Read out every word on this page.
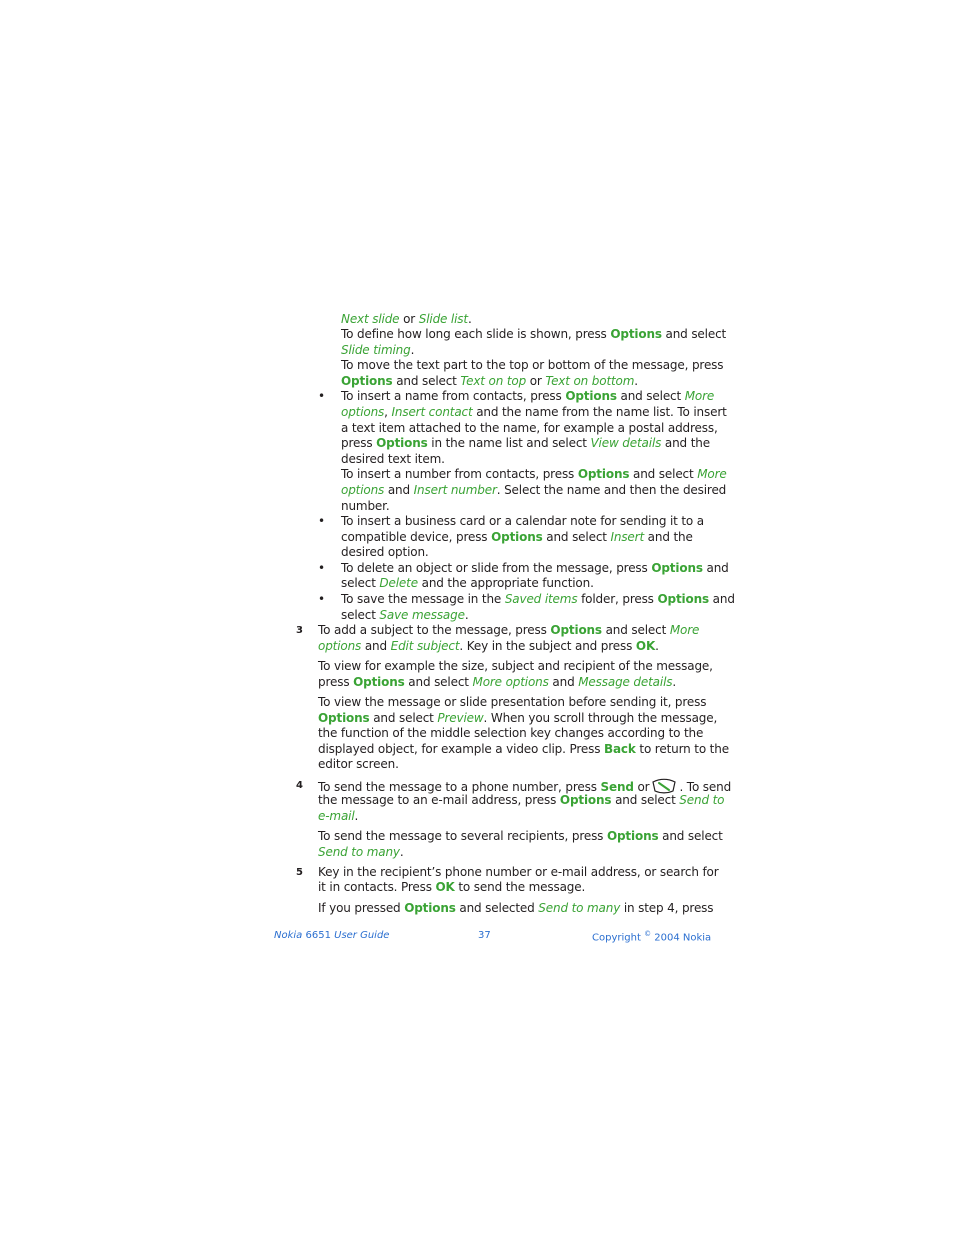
Next slide or Slide list.
To define how long each slide is shown, press Options and select
Slide timing.
To move the text part to the top or bottom of the message, press
Options and select Text on top or Text on bottom.
• To insert a name from contacts, press Options and select More
options, Insert contact and the name from the name list. To insert
a text item attached to the name, for example a postal address,
press Options in the name list and select View details and the
desired text item.
To insert a number from contacts, press Options and select More
options and Insert number. Select the name and then the desired
number.
• To insert a business card or a calendar note for sending it to a
compatible device, press Options and select Insert and the
desired option.
• To delete an object or slide from the message, press Options and
select Delete and the appropriate function.
• To save the message in the Saved items folder, press Options and
select Save message.
3 To add a subject to the message, press Options and select More
options and Edit subject. Key in the subject and press OK.
To view for example the size, subject and recipient of the message,
press Options and select More options and Message details.
To view the message or slide presentation before sending it, press
Options and select Preview. When you scroll through the message,
the function of the middle selection key changes according to the
displayed object, for example a video clip. Press Back to return to the
editor screen.
4 To send the message to a phone number, press Send or	. To send
the message to an e-mail address, press Options and select Send to
e-mail.
To send the message to several recipients, press Options and select
Send to many.
5 Key in the recipient’s phone number or e-mail address, or search for
it in contacts. Press OK to send the message.
If you pressed Options and selected Send to many in step 4, press
Nokia 6651 User Guide	37	Copyright © 2004 Nokia
